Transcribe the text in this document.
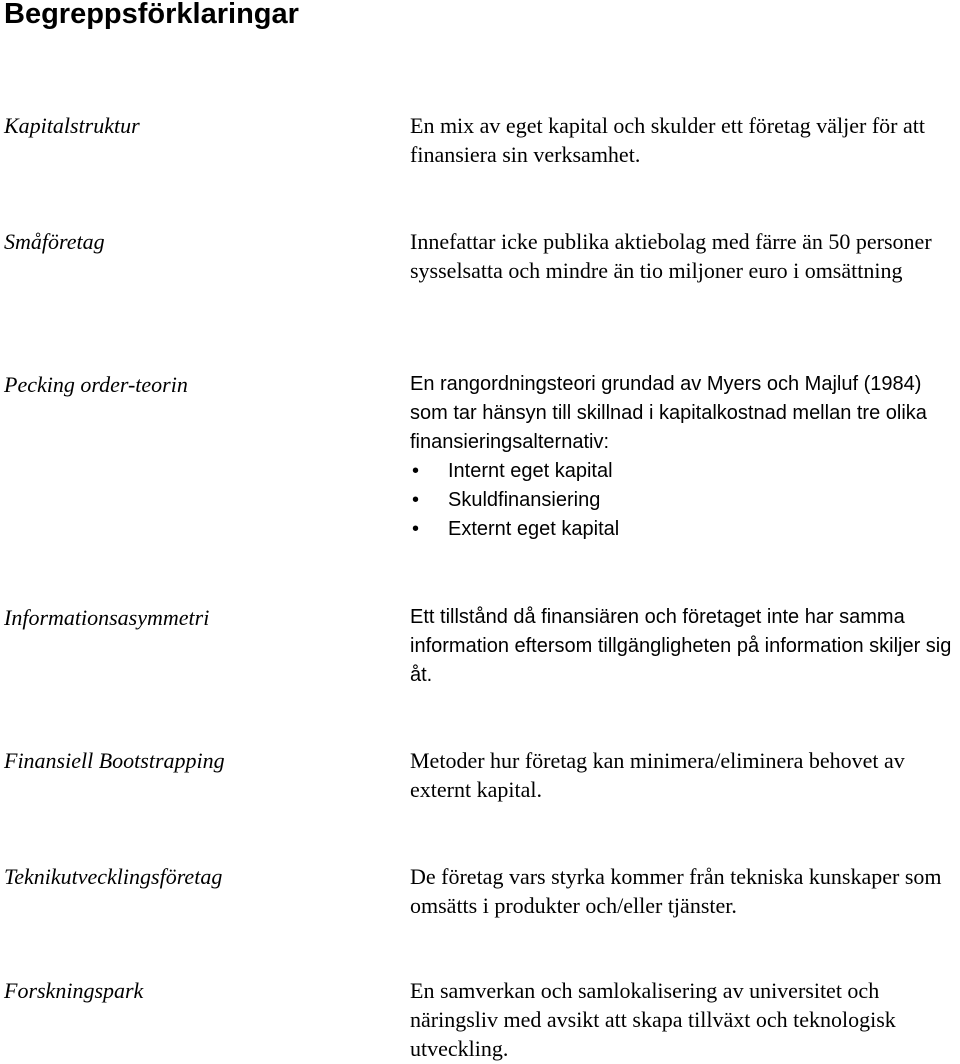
Begreppsförklaringar
Kapitalstruktur	En mix av eget kapital och skulder ett företag väljer för att finansiera sin verksamhet.

Småföretag	Innefattar icke publika aktiebolag med färre än 50 personer sysselsatta och mindre än tio miljoner euro i omsättning

Pecking order-teorin	En rangordningsteori grundad av Myers och Majluf (1984) som tar hänsyn till skillnad i kapitalkostnad mellan tre olika finansieringsalternativ:

• Internt eget kapital
• Skuldfinansiering
• Externt eget kapital
Informationsasymmetri	Ett tillstånd då finansiären och företaget inte har samma information eftersom tillgängligheten på information skiljer sig åt.

Finansiell Bootstrapping	Metoder hur företag kan minimera/eliminera behovet av externt kapital.

Teknikutvecklingsföretag	De företag vars styrka kommer från tekniska kunskaper som omsätts i produkter och/eller tjänster.

Forskningspark	En samverkan och samlokalisering av universitet och näringsliv med avsikt att skapa tillväxt och teknologisk utveckling.
